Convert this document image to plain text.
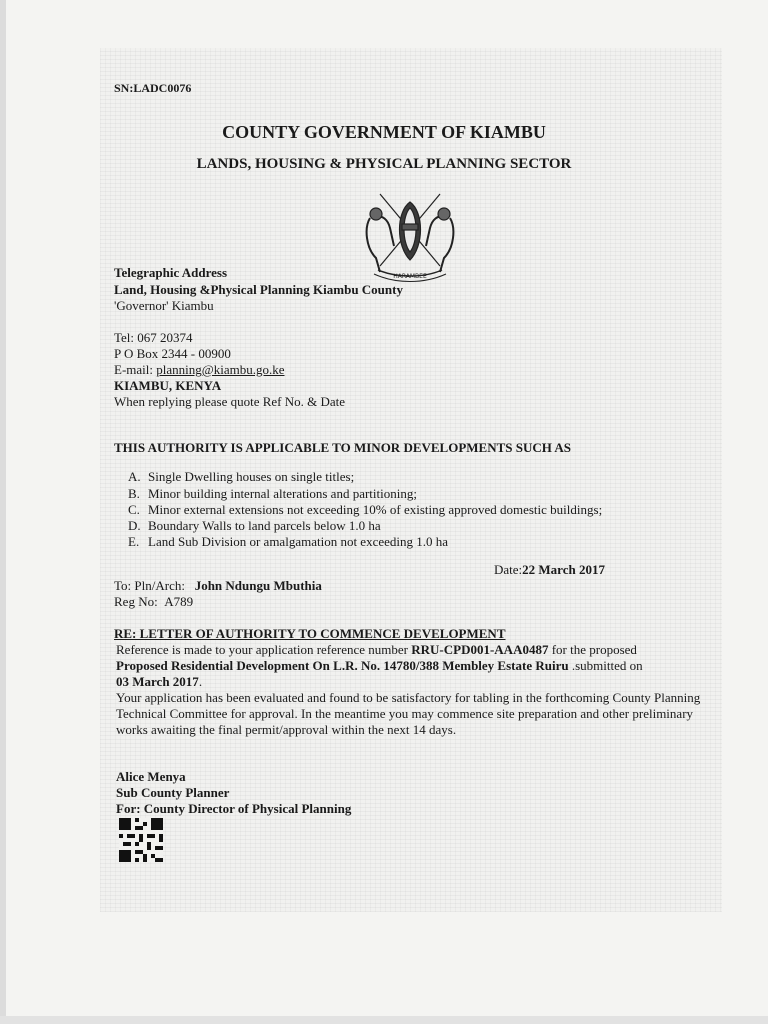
SN:LADC0076
COUNTY GOVERNMENT OF KIAMBU
LANDS, HOUSING & PHYSICAL PLANNING SECTOR
HARAMBEE
Telegraphic Address
Land, Housing &Physical Planning Kiambu County
'Governor' Kiambu
Tel: 067 20374
P O Box 2344 - 00900
E-mail: planning@kiambu.go.ke
KIAMBU, KENYA
When replying please quote Ref No. & Date
THIS AUTHORITY IS APPLICABLE TO MINOR DEVELOPMENTS SUCH AS
A. Single Dwelling houses on single titles;
B. Minor building internal alterations and partitioning;
C. Minor external extensions not exceeding 10% of existing approved domestic buildings;
D. Boundary Walls to land parcels below 1.0 ha
E. Land Sub Division or amalgamation not exceeding 1.0 ha
Date:22 March 2017
To: Pln/Arch: John Ndungu Mbuthia
Reg No: A789
RE: LETTER OF AUTHORITY TO COMMENCE DEVELOPMENT
Reference is made to your application reference number RRU-CPD001-AAA0487 for the proposed
Proposed Residential Development On L.R. No. 14780/388 Membley Estate Ruiru .submitted on
03 March 2017.
Your application has been evaluated and found to be satisfactory for tabling in the forthcoming County Planning Technical Committee for approval. In the meantime you may commence site preparation and other preliminary works awaiting the final permit/approval within the next 14 days.
Alice Menya
Sub County Planner
For: County Director of Physical Planning
